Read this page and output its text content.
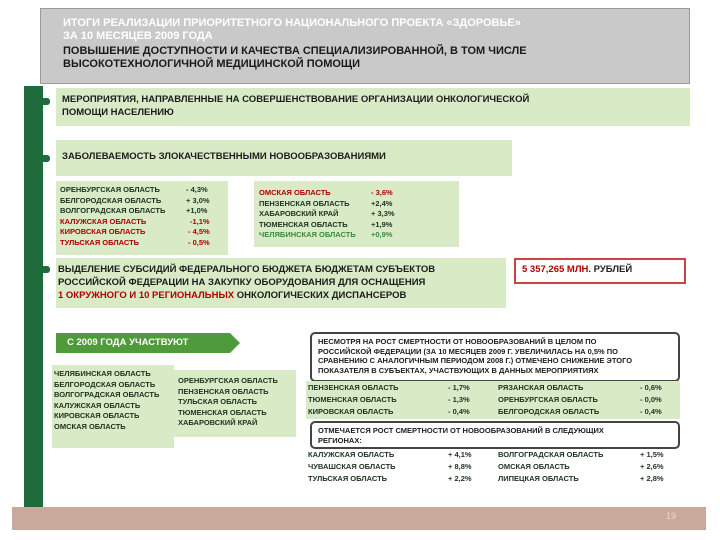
ИТОГИ РЕАЛИЗАЦИИ ПРИОРИТЕТНОГО НАЦИОНАЛЬНОГО ПРОЕКТА «ЗДОРОВЬЕ»
ЗА 10 МЕСЯЦЕВ 2009 ГОДА
ПОВЫШЕНИЕ ДОСТУПНОСТИ И КАЧЕСТВА СПЕЦИАЛИЗИРОВАННОЙ, В ТОМ ЧИСЛЕ
ВЫСОКОТЕХНОЛОГИЧНОЙ МЕДИЦИНСКОЙ ПОМОЩИ
МЕРОПРИЯТИЯ, НАПРАВЛЕННЫЕ НА СОВЕРШЕНСТВОВАНИЕ ОРГАНИЗАЦИИ ОНКОЛОГИЧЕСКОЙ
ПОМОЩИ НАСЕЛЕНИЮ
ЗАБОЛЕВАЕМОСТЬ ЗЛОКАЧЕСТВЕННЫМИ НОВООБРАЗОВАНИЯМИ
ОРЕНБУРГСКАЯ ОБЛАСТЬ	- 4,3%
БЕЛГОРОДСКАЯ ОБЛАСТЬ	+ 3,0%
ВОЛГОГРАДСКАЯ ОБЛАСТЬ	+1,0%
КАЛУЖСКАЯ ОБЛАСТЬ	-1,1%
КИРОВСКАЯ ОБЛАСТЬ	- 4,5%
ТУЛЬСКАЯ ОБЛАСТЬ	- 0,5%
ОМСКАЯ ОБЛАСТЬ	- 3,6%
ПЕНЗЕНСКАЯ ОБЛАСТЬ	+2,4%
ХАБАРОВСКИЙ КРАЙ	+ 3,3%
ТЮМЕНСКАЯ ОБЛАСТЬ	+1,9%
ЧЕЛЯБИНСКАЯ ОБЛАСТЬ +0,9%
ВЫДЕЛЕНИЕ СУБСИДИЙ ФЕДЕРАЛЬНОГО БЮДЖЕТА БЮДЖЕТАМ СУБЪЕКТОВ
РОССИЙСКОЙ ФЕДЕРАЦИИ НА ЗАКУПКУ ОБОРУДОВАНИЯ ДЛЯ ОСНАЩЕНИЯ
1 ОКРУЖНОГО И 10 РЕГИОНАЛЬНЫХ ОНКОЛОГИЧЕСКИХ ДИСПАНСЕРОВ
5 357,265 МЛН. РУБЛЕЙ
С 2009 ГОДА УЧАСТВУЮТ
ЧЕЛЯБИНСКАЯ ОБЛАСТЬ
БЕЛГОРОДСКАЯ ОБЛАСТЬ
ВОЛГОГРАДСКАЯ ОБЛАСТЬ
КАЛУЖСКАЯ ОБЛАСТЬ
КИРОВСКАЯ ОБЛАСТЬ
ОМСКАЯ ОБЛАСТЬ
ОРЕНБУРГСКАЯ ОБЛАСТЬ
ПЕНЗЕНСКАЯ ОБЛАСТЬ
ТУЛЬСКАЯ ОБЛАСТЬ
ТЮМЕНСКАЯ ОБЛАСТЬ
ХАБАРОВСКИЙ КРАЙ
НЕСМОТРЯ НА РОСТ СМЕРТНОСТИ ОТ НОВООБРАЗОВАНИЙ В ЦЕЛОМ ПО
РОССИЙСКОЙ ФЕДЕРАЦИИ (ЗА 10 МЕСЯЦЕВ 2009 Г. УВЕЛИЧИЛАСЬ НА 0,5% ПО
СРАВНЕНИЮ С АНАЛОГИЧНЫМ ПЕРИОДОМ 2008 Г.) ОТМЕЧЕНО СНИЖЕНИЕ ЭТОГО
ПОКАЗАТЕЛЯ В СУБЪЕКТАХ, УЧАСТВУЮЩИХ В ДАННЫХ МЕРОПРИЯТИЯХ
ПЕНЗЕНСКАЯ ОБЛАСТЬ	- 1,7%	РЯЗАНСКАЯ ОБЛАСТЬ	- 0,6%
ТЮМЕНСКАЯ ОБЛАСТЬ	- 1,3%	ОРЕНБУРГСКАЯ ОБЛАСТЬ	- 0,0%
КИРОВСКАЯ ОБЛАСТЬ	- 0,4%	БЕЛГОРОДСКАЯ ОБЛАСТЬ	- 0,4%
ОТМЕЧАЕТСЯ РОСТ СМЕРТНОСТИ ОТ НОВООБРАЗОВАНИЙ В СЛЕДУЮЩИХ
РЕГИОНАХ:
КАЛУЖСКАЯ ОБЛАСТЬ	+ 4,1%	ВОЛГОГРАДСКАЯ ОБЛАСТЬ	+ 1,5%
ЧУВАШСКАЯ ОБЛАСТЬ	+ 8,8%	ОМСКАЯ ОБЛАСТЬ	+ 2,6%
ТУЛЬСКАЯ ОБЛАСТЬ	+ 2,2%	ЛИПЕЦКАЯ ОБЛАСТЬ	+ 2,8%
19
